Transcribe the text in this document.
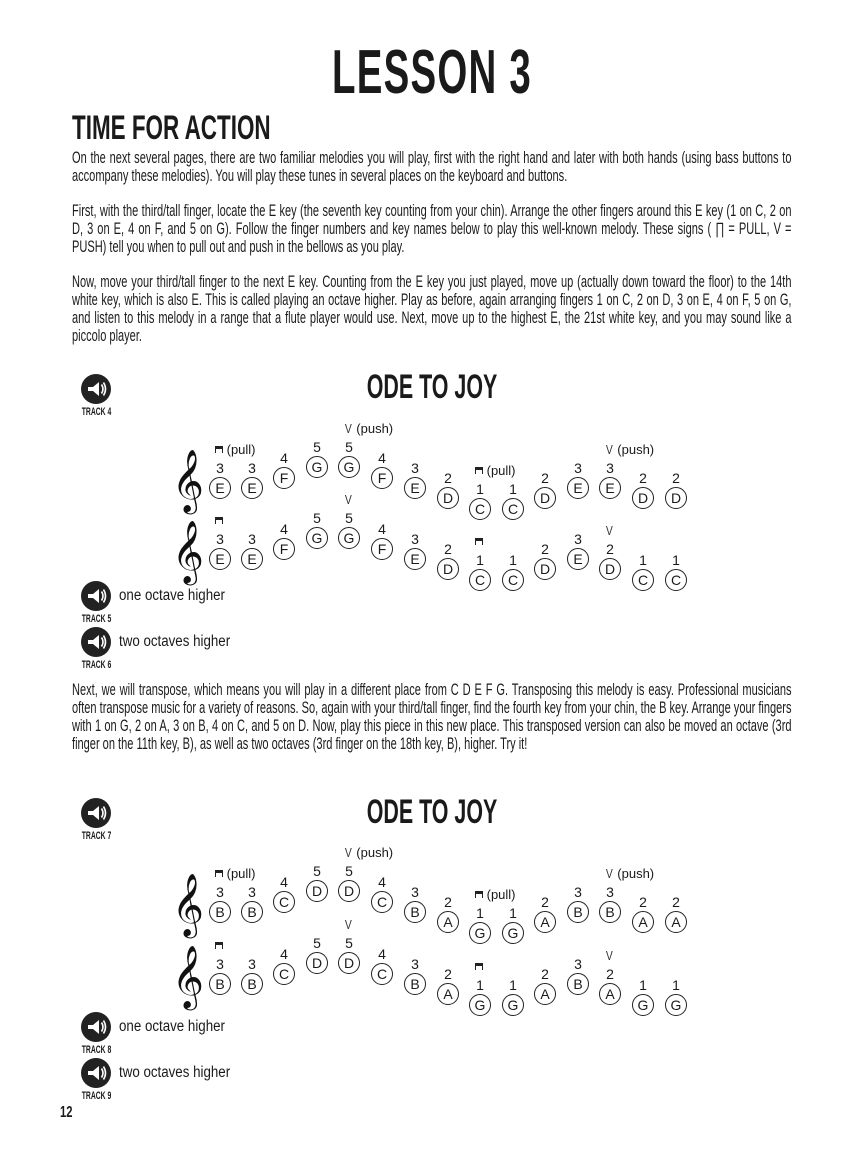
LESSON 3
TIME FOR ACTION
On the next several pages, there are two familiar melodies you will play, first with the right hand and later with both hands (using bass buttons to accompany these melodies). You will play these tunes in several places on the keyboard and buttons.
First, with the third/tall finger, locate the E key (the seventh key counting from your chin). Arrange the other fingers around this E key (1 on C, 2 on D, 3 on E, 4 on F, and 5 on G). Follow the finger numbers and key names below to play this well-known melody. These signs ( ∏ = PULL, V = PUSH) tell you when to pull out and push in the bellows as you play.
Now, move your third/tall finger to the next E key. Counting from the E key you just played, move up (actually down toward the floor) to the 14th white key, which is also E. This is called playing an octave higher. Play as before, again arranging fingers 1 on C, 2 on D, 3 on E, 4 on F, 5 on G, and listen to this melody in a range that a flute player would use. Next, move up to the highest E, the 21st white key, and you may sound like a piccolo player.
TRACK 4
ODE TO JOY
𝄞 E
3
(pull)
E
3
F
4
G
5
G
5
V (push)
F
4
E
3
D
2
C
1
(pull)
C
1
D
2
E
3
E
3
V (push)
D
2
D
2
𝄞 E
3
E
3
F
4
G
5
G
5
V
F
4
E
3
D
2
C
1
C
1
D
2
E
3
D
2
V
C
1
C
1
TRACK 5
one octave higher
TRACK 6
two octaves higher
Next, we will transpose, which means you will play in a different place from C D E F G. Transposing this melody is easy. Professional musicians often transpose music for a variety of reasons. So, again with your third/tall finger, find the fourth key from your chin, the B key. Arrange your fingers with 1 on G, 2 on A, 3 on B, 4 on C, and 5 on D. Now, play this piece in this new place. This transposed version can also be moved an octave (3rd finger on the 11th key, B), as well as two octaves (3rd finger on the 18th key, B), higher. Try it!
TRACK 7
ODE TO JOY
𝄞 B
3
(pull)
B
3
C
4
D
5
D
5
V (push)
C
4
B
3
A
2
G
1
(pull)
G
1
A
2
B
3
B
3
V (push)
A
2
A
2
𝄞 B
3
B
3
C
4
D
5
D
5
V
C
4
B
3
A
2
G
1
G
1
A
2
B
3
A
2
V
G
1
G
1
TRACK 8
one octave higher
TRACK 9
two octaves higher
12
